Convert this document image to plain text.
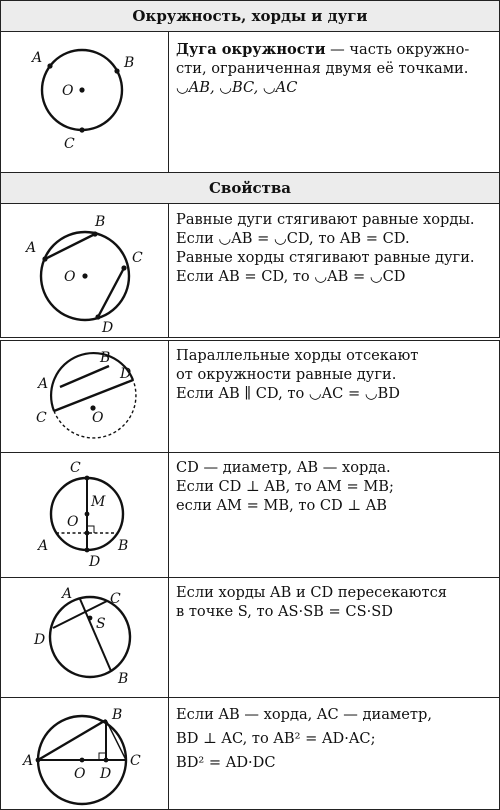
Окружность, хорды и дуги
Свойства
A	B
C
O

Дуга окружности — часть окружно-сти, ограниченная двумя её точками.

◡AB, ◡BC, ◡AC

A
B
C
D
O

Равные дуги стягивают равные хорды.

Если ◡AB = ◡CD, то AB = CD.

Равные хорды стягивают равные дуги.

Если AB = CD, то ◡AB = ◡CD

A
B
C
D
O

Параллельные хорды отсекают

от окружности равные дуги.

Если AB ∥ CD, то ◡AC = ◡BD

C
M
O
A	B
D

CD — диаметр, AB — хорда.

Если CD ⊥ AB, то AM = MB;

если AM = MB, то CD ⊥ AB

A	C
S
D
B

Если хорды AB и CD пересекаются

в точке S, то AS·SB = CS·SD

B
A
O D
C

Если AB — хорда, AC — диаметр,

BD ⊥ AC, то AB² = AD·AC;

BD² = AD·DC
